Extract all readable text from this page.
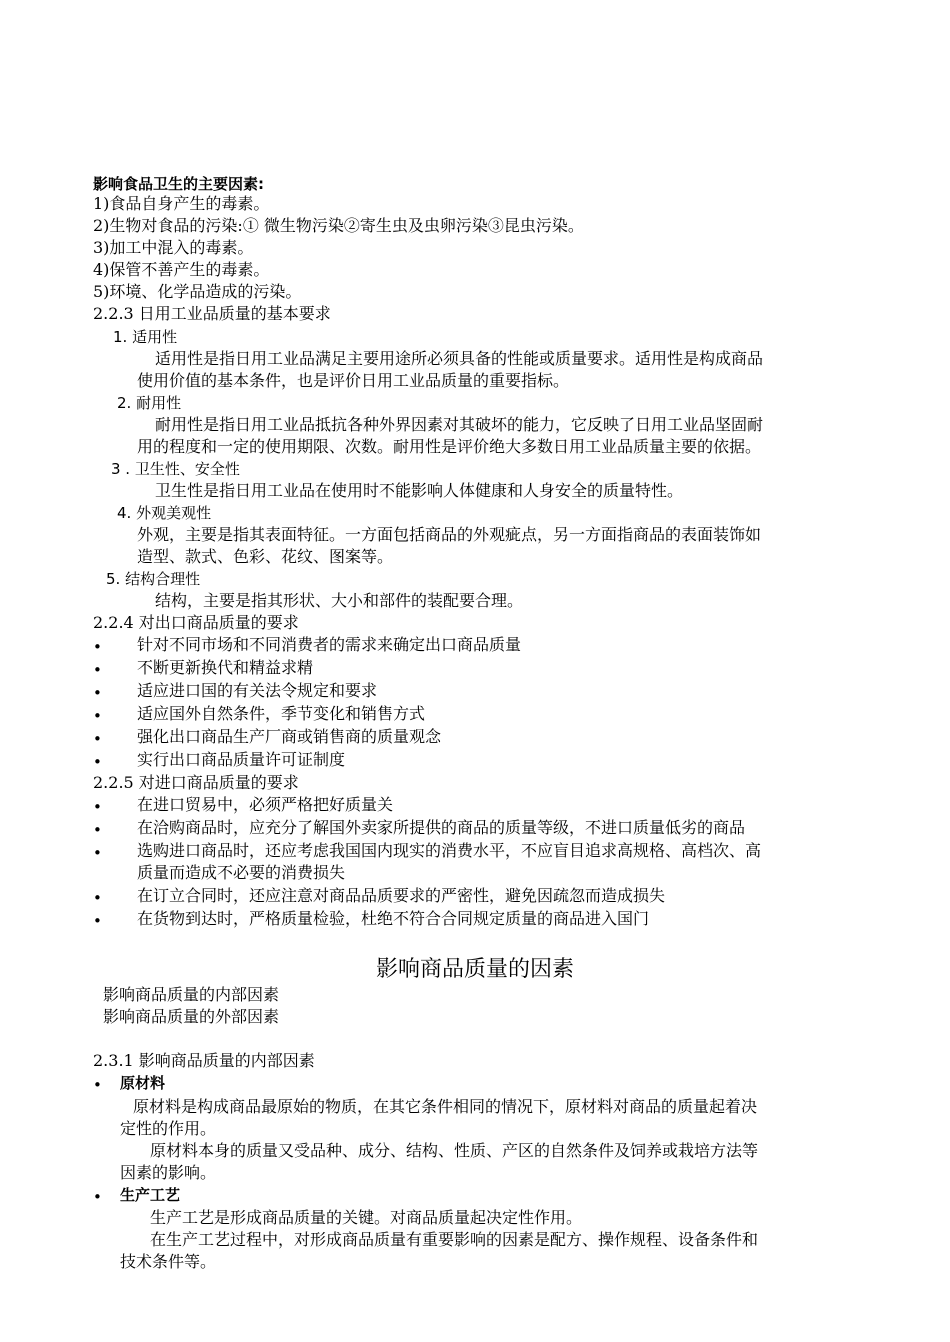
影响食品卫生的主要因素:
1)食品自身产生的毒素。
2)生物对食品的污染:① 微生物污染②寄生虫及虫卵污染③昆虫污染。
3)加工中混入的毒素。
4)保管不善产生的毒素。
5)环境、化学品造成的污染。
2.2.3 日用工业品质量的基本要求
1. 适用性
适用性是指日用工业品满足主要用途所必须具备的性能或质量要求。适用性是构成商品
使用价值的基本条件，也是评价日用工业品质量的重要指标。
2. 耐用性
耐用性是指日用工业品抵抗各种外界因素对其破坏的能力，它反映了日用工业品坚固耐
用的程度和一定的使用期限、次数。耐用性是评价绝大多数日用工业品质量主要的依据。
3 . 卫生性、安全性
卫生性是指日用工业品在使用时不能影响人体健康和人身安全的质量特性。
4. 外观美观性
外观，主要是指其表面特征。一方面包括商品的外观疵点，另一方面指商品的表面装饰如
造型、款式、色彩、花纹、图案等。
5. 结构合理性
结构，主要是指其形状、大小和部件的装配要合理。
2.2.4 对出口商品质量的要求
• 针对不同市场和不同消费者的需求来确定出口商品质量
• 不断更新换代和精益求精
• 适应进口国的有关法令规定和要求
• 适应国外自然条件，季节变化和销售方式
• 强化出口商品生产厂商或销售商的质量观念
• 实行出口商品质量许可证制度
2.2.5 对进口商品质量的要求
• 在进口贸易中，必须严格把好质量关
• 在洽购商品时，应充分了解国外卖家所提供的商品的质量等级，不进口质量低劣的商品
• 选购进口商品时，还应考虑我国国内现实的消费水平，不应盲目追求高规格、高档次、高
质量而造成不必要的消费损失
• 在订立合同时，还应注意对商品品质要求的严密性，避免因疏忽而造成损失
• 在货物到达时，严格质量检验，杜绝不符合合同规定质量的商品进入国门
影响商品质量的因素
影响商品质量的内部因素
影响商品质量的外部因素
2.3.1 影响商品质量的内部因素
• 原材料
原材料是构成商品最原始的物质，在其它条件相同的情况下，原材料对商品的质量起着决
定性的作用。
原材料本身的质量又受品种、成分、结构、性质、产区的自然条件及饲养或栽培方法等
因素的影响。
• 生产工艺
生产工艺是形成商品质量的关键。对商品质量起决定性作用。
在生产工艺过程中，对形成商品质量有重要影响的因素是配方、操作规程、设备条件和
技术条件等。
